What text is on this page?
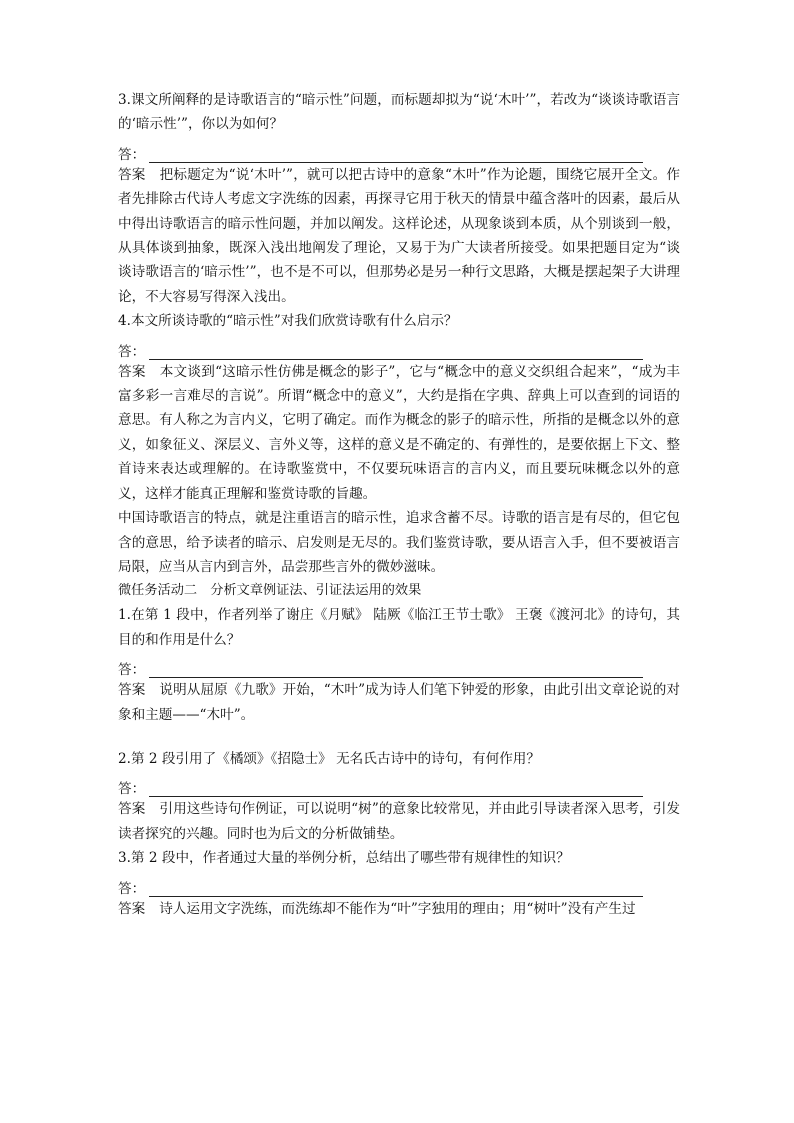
3.课文所阐释的是诗歌语言的“暗示性”问题，而标题却拟为“说‘木叶’”，若改为“谈谈诗歌语言的‘暗示性’”，你以为如何？

答：

答案 把标题定为“说‘木叶’”，就可以把古诗中的意象“木叶”作为论题，围绕它展开全文。作者先排除古代诗人考虑文字洗练的因素，再探寻它用于秋天的情景中蕴含落叶的因素，最后从中得出诗歌语言的暗示性问题，并加以阐发。这样论述，从现象谈到本质，从个别谈到一般，从具体谈到抽象，既深入浅出地阐发了理论，又易于为广大读者所接受。如果把题目定为“谈谈诗歌语言的‘暗示性’”，也不是不可以，但那势必是另一种行文思路，大概是摆起架子大讲理论，不大容易写得深入浅出。

4.本文所谈诗歌的“暗示性”对我们欣赏诗歌有什么启示？

答：

答案 本文谈到“这暗示性仿佛是概念的影子”，它与“概念中的意义交织组合起来”，“成为丰富多彩一言难尽的言说”。所谓“概念中的意义”，大约是指在字典、辞典上可以查到的词语的意思。有人称之为言内义，它明了确定。而作为概念的影子的暗示性，所指的是概念以外的意义，如象征义、深层义、言外义等，这样的意义是不确定的、有弹性的，是要依据上下文、整首诗来表达或理解的。在诗歌鉴赏中，不仅要玩味语言的言内义，而且要玩味概念以外的意义，这样才能真正理解和鉴赏诗歌的旨趣。

中国诗歌语言的特点，就是注重语言的暗示性，追求含蓄不尽。诗歌的语言是有尽的，但它包含的意思，给予读者的暗示、启发则是无尽的。我们鉴赏诗歌，要从语言入手，但不要被语言局限，应当从言内到言外，品尝那些言外的微妙滋味。

微任务活动二　分析文章例证法、引证法运用的效果

1.在第 1 段中，作者列举了谢庄《月赋》 陆厥《临江王节士歌》 王褒《渡河北》的诗句，其目的和作用是什么？

答：

答案 说明从屈原《九歌》开始，“木叶”成为诗人们笔下钟爱的形象，由此引出文章论说的对象和主题——“木叶”。

2.第 2 段引用了《橘颂》《招隐士》 无名氏古诗中的诗句，有何作用？

答：

答案 引用这些诗句作例证，可以说明“树”的意象比较常见，并由此引导读者深入思考，引发读者探究的兴趣。同时也为后文的分析做铺垫。

3.第 2 段中，作者通过大量的举例分析，总结出了哪些带有规律性的知识？

答：

答案 诗人运用文字洗练，而洗练却不能作为“叶”字独用的理由；用“树叶”没有产生过
